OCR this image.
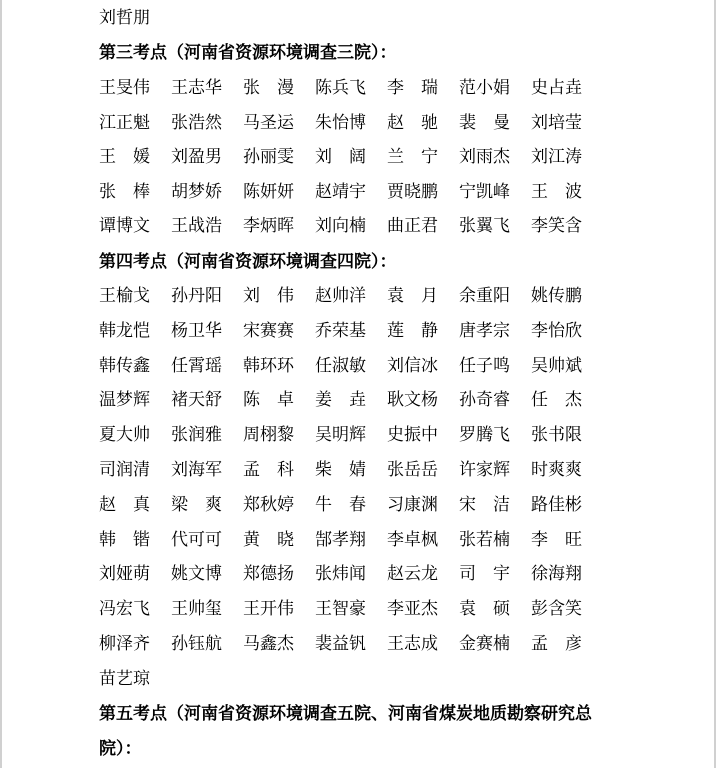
刘哲朋
第三考点（河南省资源环境调查三院）：
王旻伟	王志华	张　漫	陈兵飞	李　瑞	范小娟	史占垚
江正魁	张浩然	马圣运	朱怡博	赵　驰	裴　曼	刘培莹
王　媛	刘盈男	孙丽雯	刘　阔	兰　宁	刘雨杰	刘江涛
张　棒	胡梦娇	陈妍妍	赵靖宇	贾晓鹏	宁凯峰	王　波
谭博文	王战浩	李炳晖	刘向楠	曲正君	张翼飞	李笑含
第四考点（河南省资源环境调查四院）：
王榆戈	孙丹阳	刘　伟	赵帅洋	袁　月	余重阳	姚传鹏
韩龙恺	杨卫华	宋赛赛	乔荣基	莲　静	唐孝宗	李怡欣
韩传鑫	任霄瑶	韩环环	任淑敏	刘信冰	任子鸣	吴帅斌
温梦辉	褚天舒	陈　卓	姜　垚	耿文杨	孙奇睿	任　杰
夏大帅	张润雅	周栩黎	吴明辉	史振中	罗腾飞	张书限
司润清	刘海军	孟　科	柴　婧	张岳岳	许家辉	时爽爽
赵　真	梁　爽	郑秋婷	牛　春	习康渊	宋　洁	路佳彬
韩　锴	代可可	黄　晓	郜孝翔	李卓枫	张若楠	李　旺
刘娅萌	姚文博	郑德扬	张炜闻	赵云龙	司　宇	徐海翔
冯宏飞	王帅玺	王开伟	王智豪	李亚杰	袁　硕	彭含笑
柳泽齐	孙钰航	马鑫杰	裴益钒	王志成	金赛楠	孟　彦
苗艺琼
第五考点（河南省资源环境调查五院、河南省煤炭地质勘察研究总
院）：
